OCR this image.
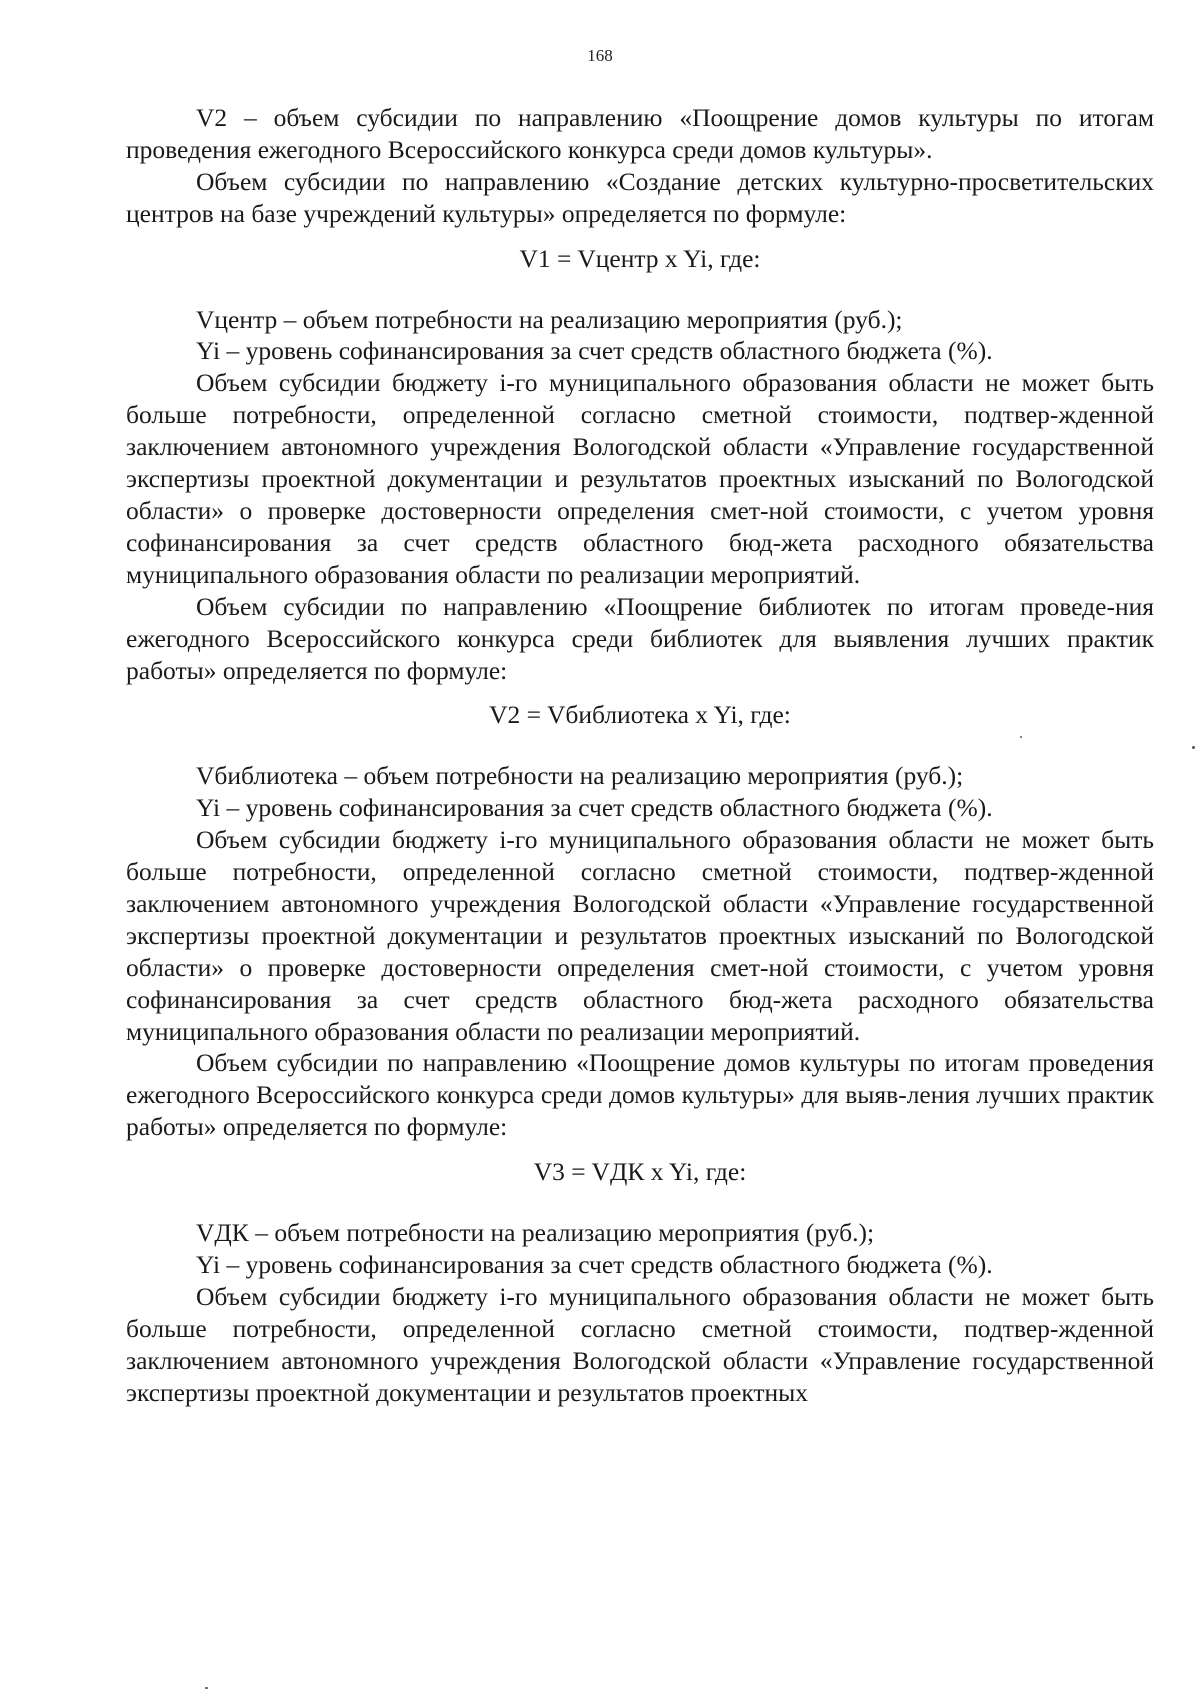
168

V2 – объем субсидии по направлению «Поощрение домов культуры по итогам проведения ежегодного Всероссийского конкурса среди домов культуры».

Объем субсидии по направлению «Создание детских культурно-просветительских центров на базе учреждений культуры» определяется по формуле:

V1 = Vцентр x Yi, где:

Vцентр – объем потребности на реализацию мероприятия (руб.);

Yi – уровень софинансирования за счет средств областного бюджета (%).

Объем субсидии бюджету i-го муниципального образования области не может быть больше потребности, определенной согласно сметной стоимости, подтвер-жденной заключением автономного учреждения Вологодской области «Управление государственной экспертизы проектной документации и результатов проектных изысканий по Вологодской области» о проверке достоверности определения смет-ной стоимости, с учетом уровня софинансирования за счет средств областного бюд-жета расходного обязательства муниципального образования области по реализации мероприятий.

Объем субсидии по направлению «Поощрение библиотек по итогам проведе-ния ежегодного Всероссийского конкурса среди библиотек для выявления лучших практик работы» определяется по формуле:

V2 = Vбиблиотека x Yi, где:

Vбиблиотека – объем потребности на реализацию мероприятия (руб.);

Yi – уровень софинансирования за счет средств областного бюджета (%).

Объем субсидии бюджету i-го муниципального образования области не может быть больше потребности, определенной согласно сметной стоимости, подтвер-жденной заключением автономного учреждения Вологодской области «Управление государственной экспертизы проектной документации и результатов проектных изысканий по Вологодской области» о проверке достоверности определения смет-ной стоимости, с учетом уровня софинансирования за счет средств областного бюд-жета расходного обязательства муниципального образования области по реализации мероприятий.

Объем субсидии по направлению «Поощрение домов культуры по итогам проведения ежегодного Всероссийского конкурса среди домов культуры» для выяв-ления лучших практик работы» определяется по формуле:

V3 = VДК x Yi, где:

VДК – объем потребности на реализацию мероприятия (руб.);

Yi – уровень софинансирования за счет средств областного бюджета (%).

Объем субсидии бюджету i-го муниципального образования области не может быть больше потребности, определенной согласно сметной стоимости, подтвер-жденной заключением автономного учреждения Вологодской области «Управление государственной экспертизы проектной документации и результатов проектных
